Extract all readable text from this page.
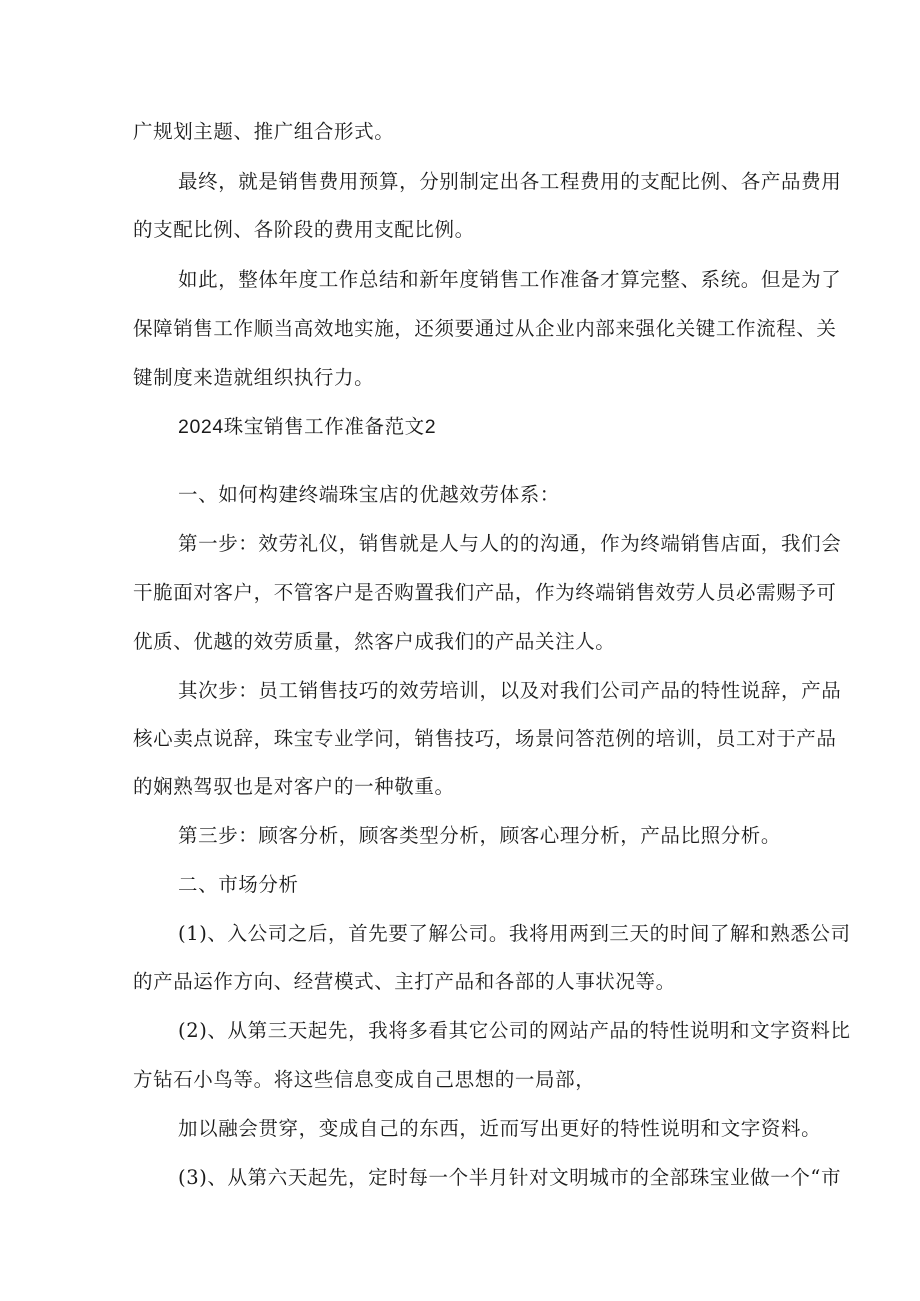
广规划主题、推广组合形式。
最终，就是销售费用预算，分别制定出各工程费用的支配比例、各产品费用
的支配比例、各阶段的费用支配比例。
如此，整体年度工作总结和新年度销售工作准备才算完整、系统。但是为了
保障销售工作顺当高效地实施，还须要通过从企业内部来强化关键工作流程、关
键制度来造就组织执行力。
2024珠宝销售工作准备范文2
一、如何构建终端珠宝店的优越效劳体系：
第一步：效劳礼仪，销售就是人与人的的沟通，作为终端销售店面，我们会
干脆面对客户，不管客户是否购置我们产品，作为终端销售效劳人员必需赐予可
优质、优越的效劳质量，然客户成我们的产品关注人。
其次步：员工销售技巧的效劳培训，以及对我们公司产品的特性说辞，产品
核心卖点说辞，珠宝专业学问，销售技巧，场景问答范例的培训，员工对于产品
的娴熟驾驭也是对客户的一种敬重。
第三步：顾客分析，顾客类型分析，顾客心理分析，产品比照分析。
二、市场分析
(1)、入公司之后，首先要了解公司。我将用两到三天的时间了解和熟悉公司
的产品运作方向、经营模式、主打产品和各部的人事状况等。
(2)、从第三天起先，我将多看其它公司的网站产品的特性说明和文字资料比
方钻石小鸟等。将这些信息变成自己思想的一局部，
加以融会贯穿，变成自己的东西，近而写出更好的特性说明和文字资料。
(3)、从第六天起先，定时每一个半月针对文明城市的全部珠宝业做一个“市
